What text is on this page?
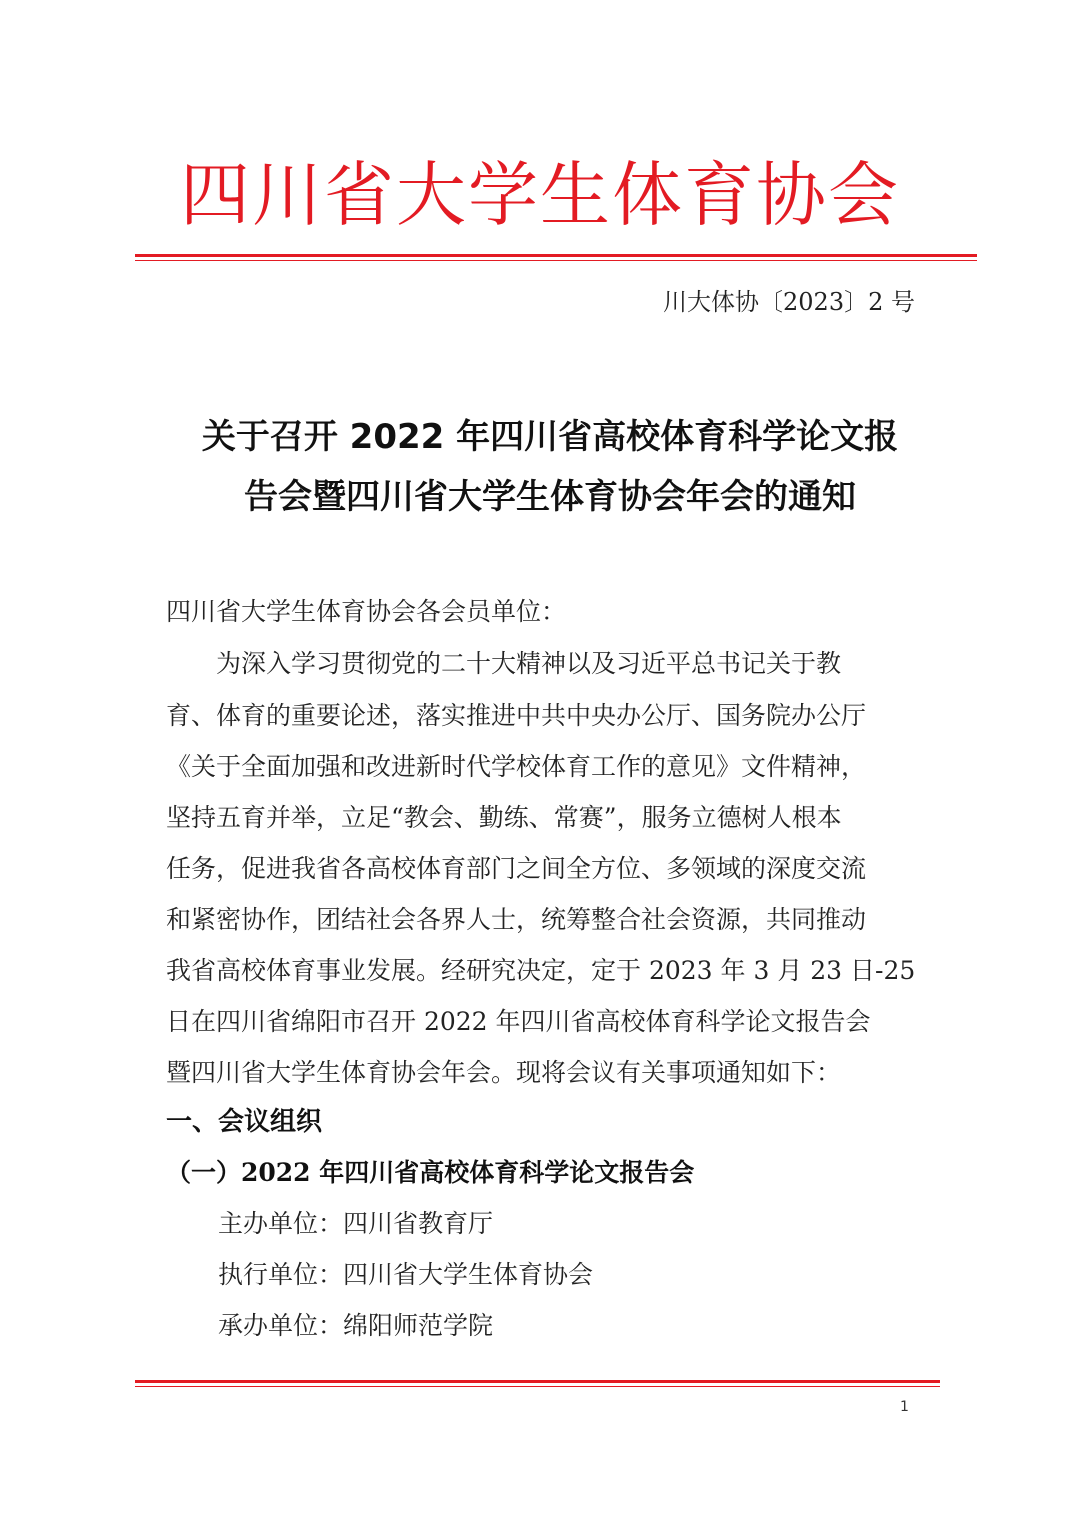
四川省大学生体育协会
川大体协〔2023〕2 号
关于召开 2022 年四川省高校体育科学论文报
告会暨四川省大学生体育协会年会的通知
四川省大学生体育协会各会员单位：
　　为深入学习贯彻党的二十大精神以及习近平总书记关于教
育、体育的重要论述，落实推进中共中央办公厅、国务院办公厅
《关于全面加强和改进新时代学校体育工作的意见》文件精神，
坚持五育并举，立足“教会、勤练、常赛”，服务立德树人根本
任务，促进我省各高校体育部门之间全方位、多领域的深度交流
和紧密协作，团结社会各界人士，统筹整合社会资源，共同推动
我省高校体育事业发展。经研究决定，定于 2023 年 3 月 23 日-25
日在四川省绵阳市召开 2022 年四川省高校体育科学论文报告会
暨四川省大学生体育协会年会。现将会议有关事项通知如下：
一、会议组织
（一）2022 年四川省高校体育科学论文报告会
主办单位：四川省教育厅
执行单位：四川省大学生体育协会
承办单位：绵阳师范学院
1
